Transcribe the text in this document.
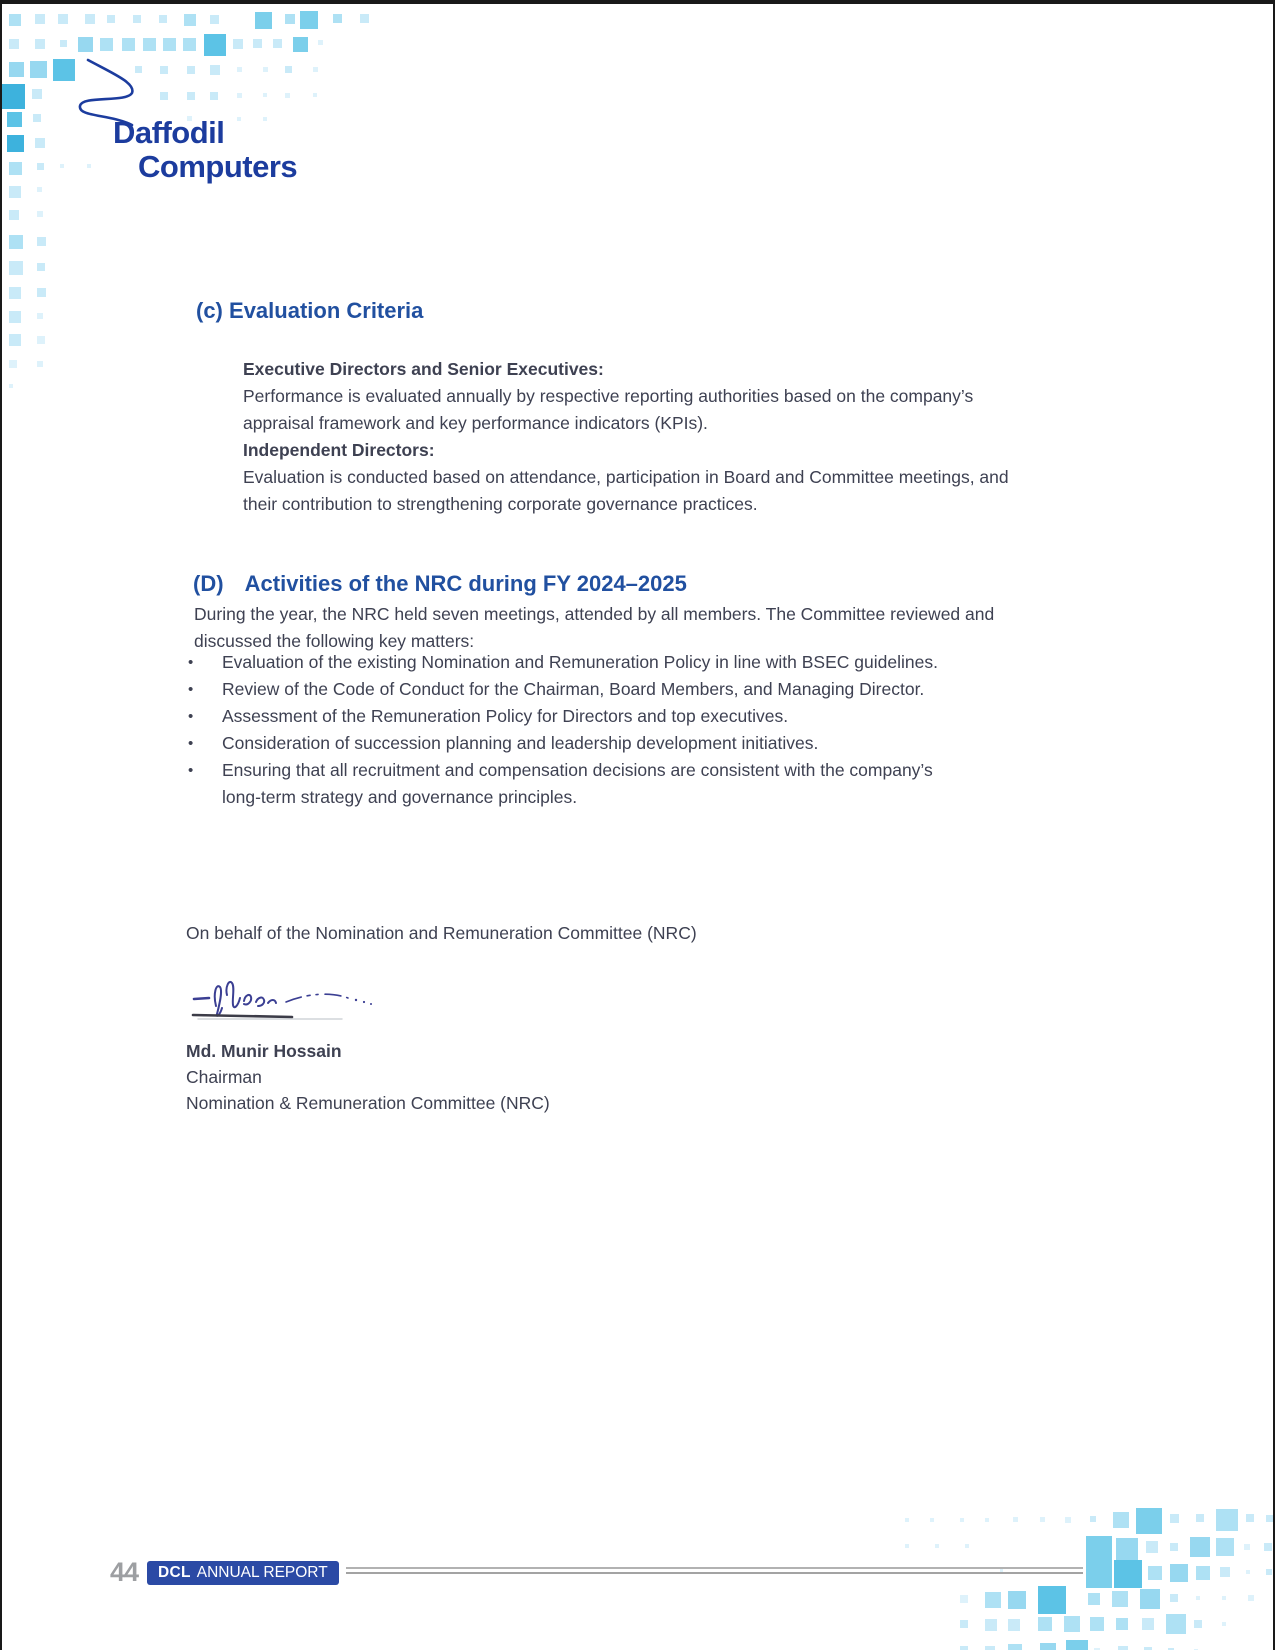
Daffodil
Computers
(c) Evaluation Criteria
Executive Directors and Senior Executives:
Performance is evaluated annually by respective reporting authorities based on the company’s
appraisal framework and key performance indicators (KPIs).
Independent Directors:
Evaluation is conducted based on attendance, participation in Board and Committee meetings, and
their contribution to strengthening corporate governance practices.
(D) Activities of the NRC during FY 2024–2025
During the year, the NRC held seven meetings, attended by all members. The Committee reviewed and
discussed the following key matters:
•	Evaluation of the existing Nomination and Remuneration Policy in line with BSEC guidelines.
•	Review of the Code of Conduct for the Chairman, Board Members, and Managing Director.
•	Assessment of the Remuneration Policy for Directors and top executives.
•	Consideration of succession planning and leadership development initiatives.
•	Ensuring that all recruitment and compensation decisions are consistent with the company’s
long-term strategy and governance principles.
On behalf of the Nomination and Remuneration Committee (NRC)
Md. Munir Hossain
Chairman
Nomination & Remuneration Committee (NRC)
44 DCL ANNUAL REPORT
